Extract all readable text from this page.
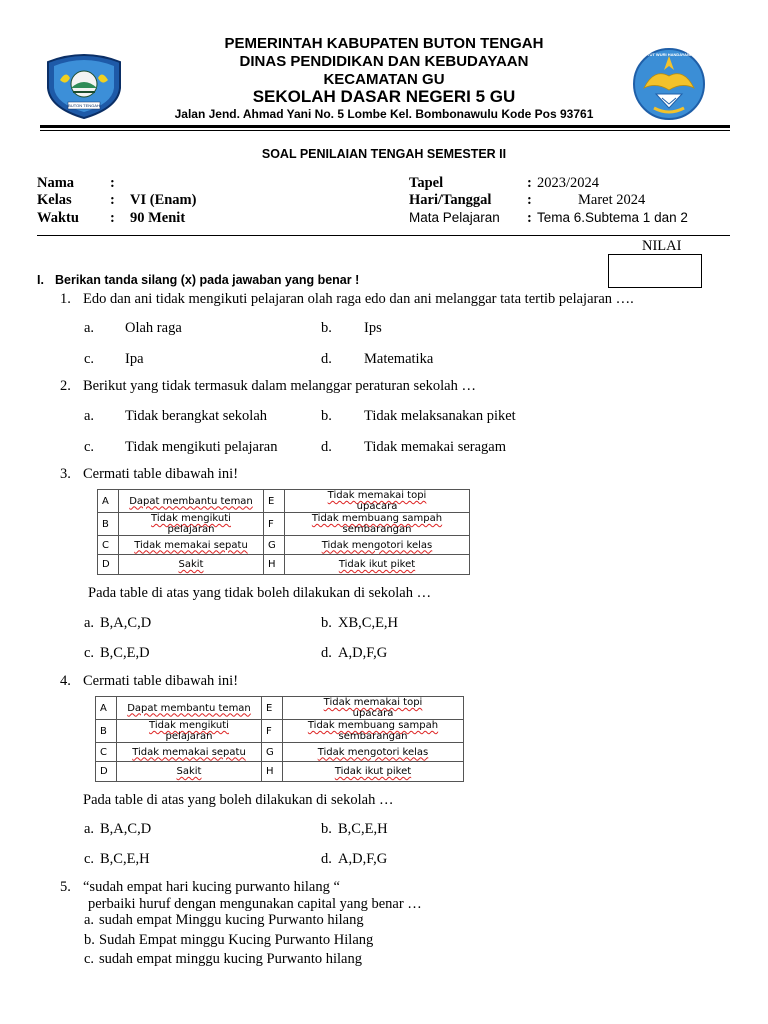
KABUPATEN
BUTON TENGAH
TUT WURI HANDAYANI
PEMERINTAH KABUPATEN BUTON TENGAH
DINAS PENDIDIKAN DAN KEBUDAYAAN
KECAMATAN GU
SEKOLAH DASAR NEGERI 5 GU
Jalan Jend. Ahmad Yani No. 5 Lombe Kel. Bombonawulu Kode Pos 93761
SOAL PENILAIAN TENGAH SEMESTER II
Nama :
Kelas	: VI (Enam)
Waktu : 90 Menit
Tapel	: 2023/2024
Hari/Tanggal :	Maret 2024
Mata Pelajaran : Tema 6.Subtema 1 dan 2
NILAI
I. Berikan tanda silang (x) pada jawaban yang benar !
1. Edo dan ani tidak mengikuti pelajaran olah raga edo dan ani melanggar tata tertib pelajaran ….
a. Olah raga	b. Ips
c. Ipa	d. Matematika
2. Berikut yang tidak termasuk dalam melanggar peraturan sekolah …
a. Tidak berangkat sekolah	b. Tidak melaksanakan piket
c. Tidak mengikuti pelajaran	d. Tidak memakai seragam
3. Cermati table dibawah ini!
A	Dapat membantu teman	E	Tidak memakai topi
upacara
B	Tidak mengikuti
pelajaran	F	Tidak membuang sampah
sembarangan
C	Tidak memakai sepatu	G	Tidak mengotori kelas
D	Sakit	H	Tidak ikut piket
Pada table di atas yang tidak boleh dilakukan di sekolah …
a. B,A,C,D	b. XB,C,E,H
c. B,C,E,D	d. A,D,F,G
4. Cermati table dibawah ini!
A	Dapat membantu teman	E	Tidak memakai topi
upacara
B	Tidak mengikuti
pelajaran	F	Tidak membuang sampah
sembarangan
C	Tidak memakai sepatu	G	Tidak mengotori kelas
D	Sakit	H	Tidak ikut piket
Pada table di atas yang boleh dilakukan di sekolah …
a. B,A,C,D	b. B,C,E,H
c. B,C,E,H	d. A,D,F,G
5. “sudah empat hari kucing purwanto hilang “
perbaiki huruf dengan mengunakan capital yang benar …
a. sudah empat Minggu kucing Purwanto hilang
b. Sudah Empat minggu Kucing Purwanto Hilang
c. sudah empat minggu kucing Purwanto hilang
